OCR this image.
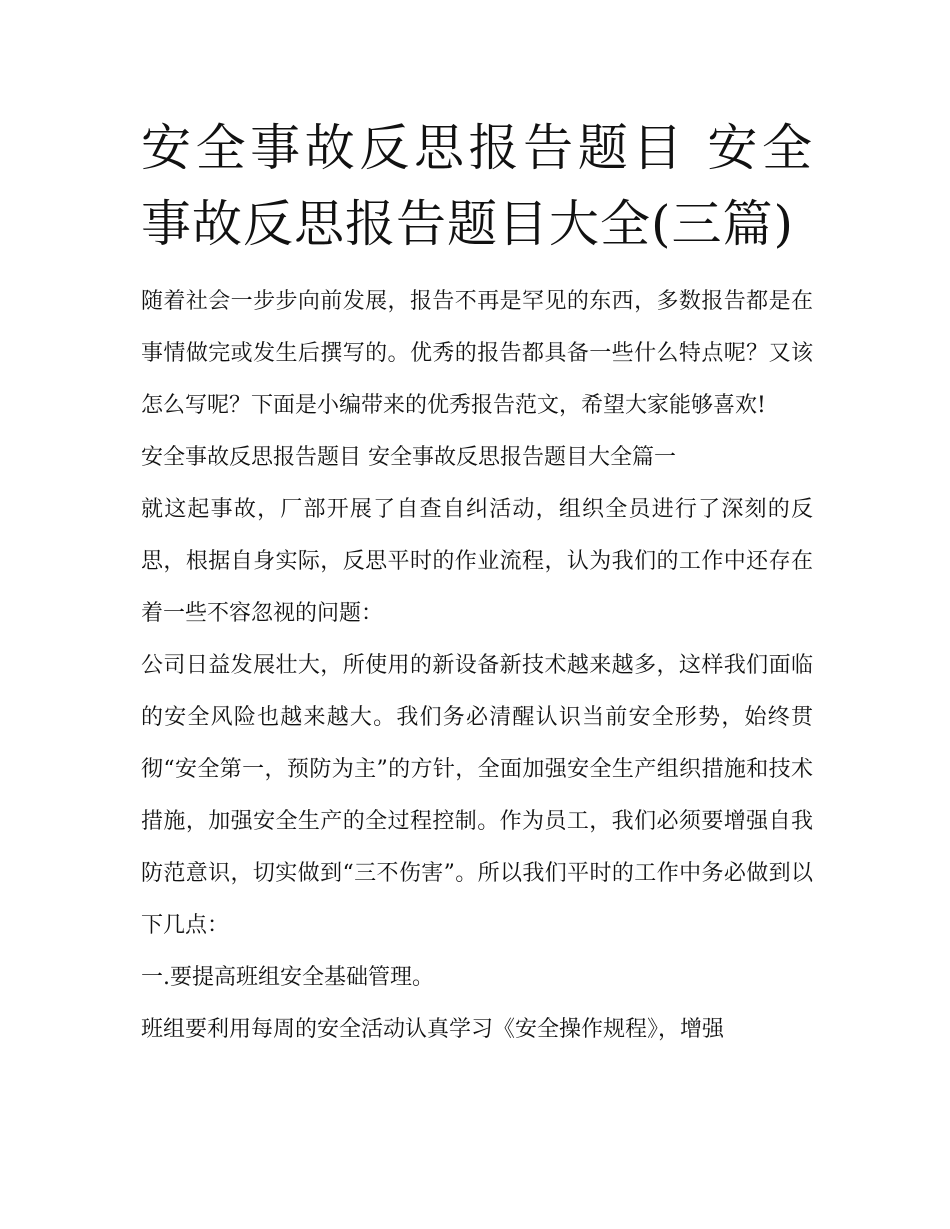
安全事故反思报告题目 安全事故反思报告题目大全(三篇)

随着社会一步步向前发展，报告不再是罕见的东西，多数报告都是在事情做完或发生后撰写的。优秀的报告都具备一些什么特点呢？又该怎么写呢？下面是小编带来的优秀报告范文，希望大家能够喜欢!

安全事故反思报告题目 安全事故反思报告题目大全篇一

就这起事故，厂部开展了自查自纠活动，组织全员进行了深刻的反思，根据自身实际，反思平时的作业流程，认为我们的工作中还存在着一些不容忽视的问题：

公司日益发展壮大，所使用的新设备新技术越来越多，这样我们面临的安全风险也越来越大。我们务必清醒认识当前安全形势，始终贯彻“安全第一，预防为主”的方针，全面加强安全生产组织措施和技术措施，加强安全生产的全过程控制。作为员工，我们必须要增强自我防范意识，切实做到“三不伤害”。所以我们平时的工作中务必做到以下几点：

一.要提高班组安全基础管理。

班组要利用每周的安全活动认真学习《安全操作规程》，增强
